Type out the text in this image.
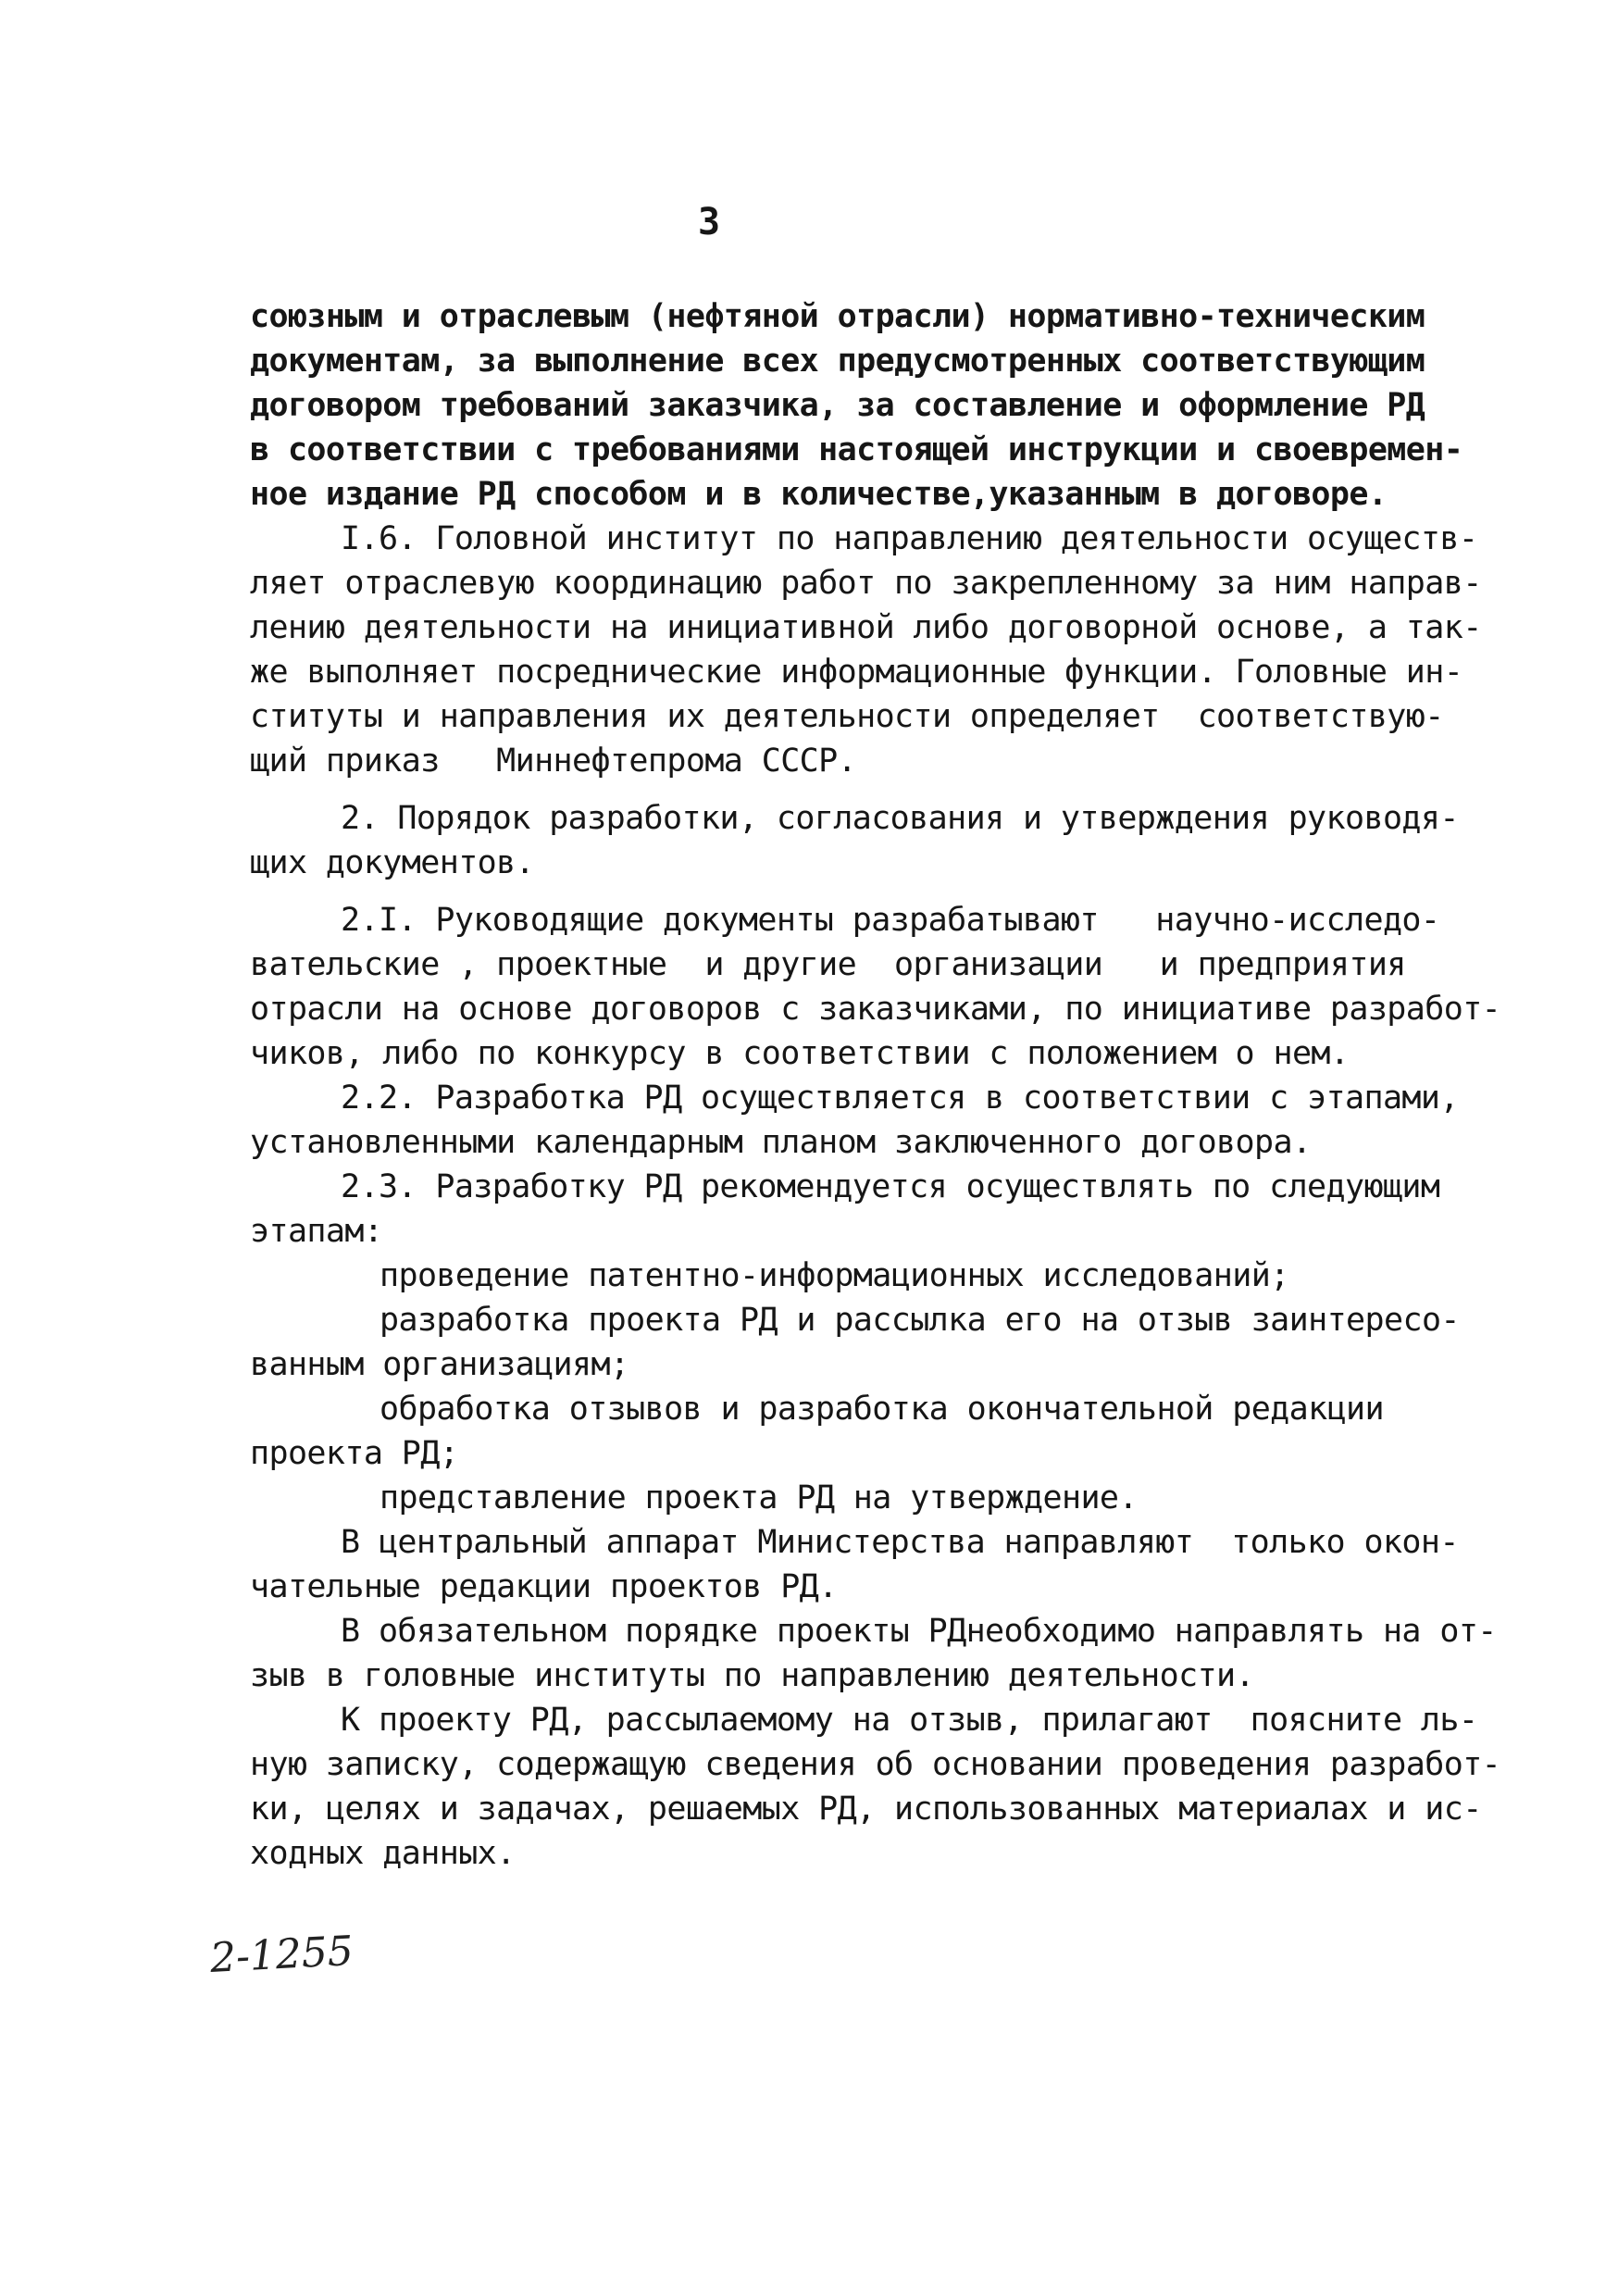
3
союзным и отраслевым (нефтяной отрасли) нормативно-техническим
документам, за выполнение всех предусмотренных соответствующим
договором требований заказчика, за составление и оформление РД
в соответствии с требованиями настоящей инструкции и своевремен-
ное издание РД способом и в количестве,указанным в договоре.
I.6. Головной институт по направлению деятельности осуществ-
ляет отраслевую координацию работ по закрепленному за ним направ-
лению деятельности на инициативной либо договорной основе, а так-
же выполняет посреднические информационные функции. Головные ин-
ституты и направления их деятельности определяет  соответствую-
щий приказ   Миннефтепрома СССР.
2. Порядок разработки, согласования и утверждения руководя-
щих документов.
2.I. Руководящие документы разрабатывают   научно-исследо-
вательские , проектные  и другие  организации   и предприятия
отрасли на основе договоров с заказчиками, по инициативе разработ-
чиков, либо по конкурсу в соответствии с положением о нем.
2.2. Разработка РД осуществляется в соответствии с этапами,
установленными календарным планом заключенного договора.
2.3. Разработку РД рекомендуется осуществлять по следующим
этапам:
проведение патентно-информационных исследований;
разработка проекта РД и рассылка его на отзыв заинтересо-
ванным организациям;
обработка отзывов и разработка окончательной редакции
проекта РД;
представление проекта РД на утверждение.
В центральный аппарат Министерства направляют  только окон-
чательные редакции проектов РД.
В обязательном порядке проекты РДнеобходимо направлять на от-
зыв в головные институты по направлению деятельности.
К проекту РД, рассылаемому на отзыв, прилагают  поясните ль-
ную записку, содержащую сведения об основании проведения разработ-
ки, целях и задачах, решаемых РД, использованных материалах и ис-
ходных данных.
2-1255
